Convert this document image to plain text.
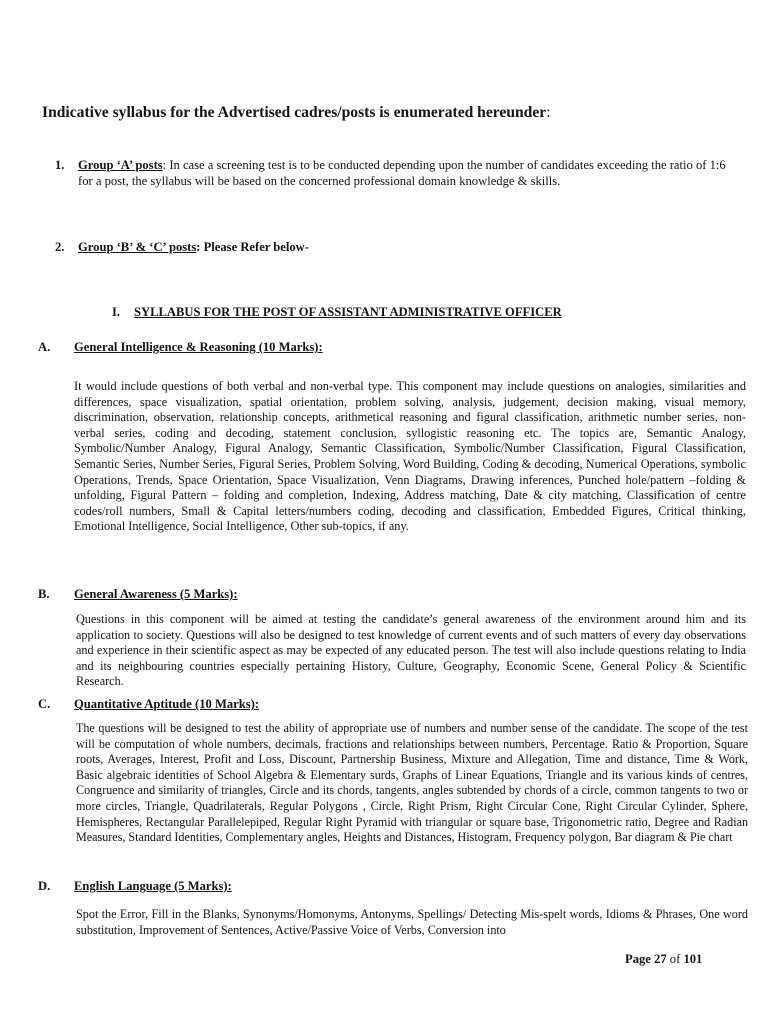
Indicative syllabus for the Advertised cadres/posts is enumerated hereunder:
1. Group ‘A’ posts: In case a screening test is to be conducted depending upon the number of candidates exceeding the ratio of 1:6 for a post, the syllabus will be based on the concerned professional domain knowledge & skills.
2. Group ‘B’ & ‘C’ posts: Please Refer below-
I. SYLLABUS FOR THE POST OF ASSISTANT ADMINISTRATIVE OFFICER
A. General Intelligence & Reasoning (10 Marks):
It would include questions of both verbal and non-verbal type. This component may include questions on analogies, similarities and differences, space visualization, spatial orientation, problem solving, analysis, judgement, decision making, visual memory, discrimination, observation, relationship concepts, arithmetical reasoning and figural classification, arithmetic number series, non-verbal series, coding and decoding, statement conclusion, syllogistic reasoning etc. The topics are, Semantic Analogy, Symbolic/Number Analogy, Figural Analogy, Semantic Classification, Symbolic/Number Classification, Figural Classification, Semantic Series, Number Series, Figural Series, Problem Solving, Word Building, Coding & decoding, Numerical Operations, symbolic Operations, Trends, Space Orientation, Space Visualization, Venn Diagrams, Drawing inferences, Punched hole/pattern –folding & unfolding, Figural Pattern – folding and completion, Indexing, Address matching, Date & city matching, Classification of centre codes/roll numbers, Small & Capital letters/numbers coding, decoding and classification, Embedded Figures, Critical thinking, Emotional Intelligence, Social Intelligence, Other sub-topics, if any.
B. General Awareness (5 Marks):
Questions in this component will be aimed at testing the candidate’s general awareness of the environment around him and its application to society. Questions will also be designed to test knowledge of current events and of such matters of every day observations and experience in their scientific aspect as may be expected of any educated person. The test will also include questions relating to India and its neighbouring countries especially pertaining History, Culture, Geography, Economic Scene, General Policy & Scientific Research.
C. Quantitative Aptitude (10 Marks):
The questions will be designed to test the ability of appropriate use of numbers and number sense of the candidate. The scope of the test will be computation of whole numbers, decimals, fractions and relationships between numbers, Percentage. Ratio & Proportion, Square roots, Averages, Interest, Profit and Loss, Discount, Partnership Business, Mixture and Allegation, Time and distance, Time & Work, Basic algebraic identities of School Algebra & Elementary surds, Graphs of Linear Equations, Triangle and its various kinds of centres, Congruence and similarity of triangles, Circle and its chords, tangents, angles subtended by chords of a circle, common tangents to two or more circles, Triangle, Quadrilaterals, Regular Polygons , Circle, Right Prism, Right Circular Cone, Right Circular Cylinder, Sphere, Hemispheres, Rectangular Parallelepiped, Regular Right Pyramid with triangular or square base, Trigonometric ratio, Degree and Radian Measures, Standard Identities, Complementary angles, Heights and Distances, Histogram, Frequency polygon, Bar diagram & Pie chart
D. English Language (5 Marks):
Spot the Error, Fill in the Blanks, Synonyms/Homonyms, Antonyms, Spellings/ Detecting Mis-spelt words, Idioms & Phrases, One word substitution, Improvement of Sentences, Active/Passive Voice of Verbs, Conversion into
Page 27 of 101
